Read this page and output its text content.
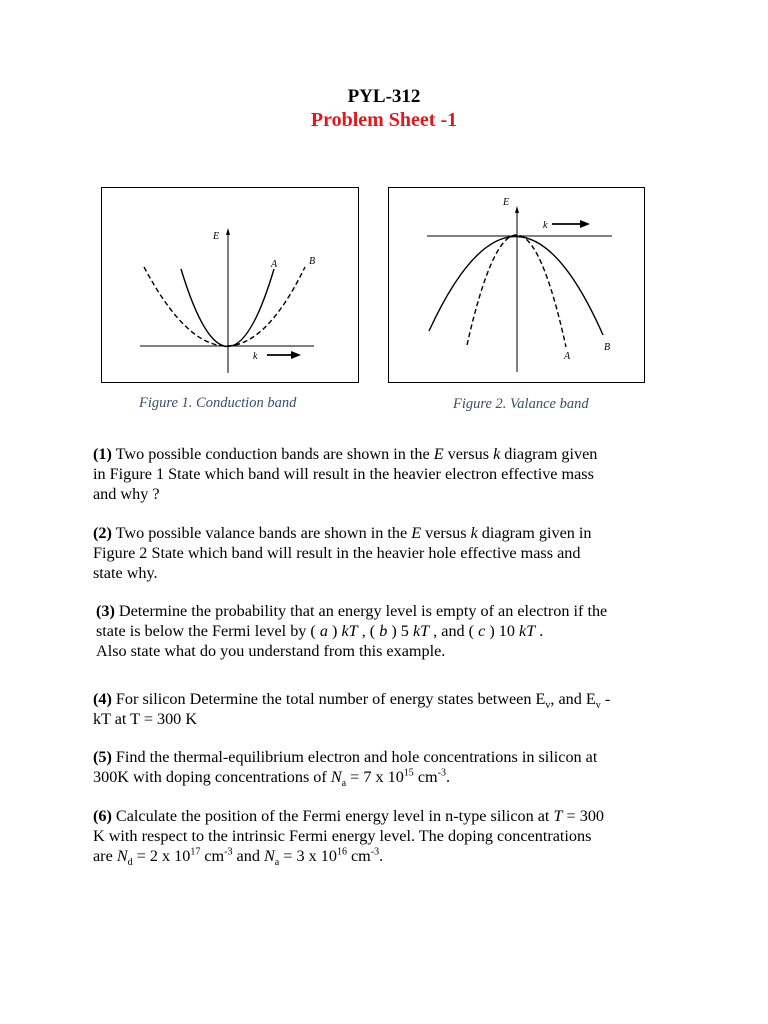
PYL-312
Problem Sheet -1
E
k
A	B
Figure 1. Conduction band
E
k
A
B
Figure 2. Valance band
(1) Two possible conduction bands are shown in the E versus k diagram given
in Figure 1 State which band will result in the heavier electron effective mass
and why ?
(2) Two possible valance bands are shown in the E versus k diagram given in
Figure 2 State which band will result in the heavier hole effective mass and
state why.
(3) Determine the probability that an energy level is empty of an electron if the
state is below the Fermi level by ( a ) kT , ( b ) 5 kT , and ( c ) 10 kT .
Also state what do you understand from this example.
(4) For silicon Determine the total number of energy states between $E_v$, and $E_v$ -
kT at T = 300 K
(5) Find the thermal-equilibrium electron and hole concentrations in silicon at
300K with doping concentrations of $N_a = 7$ x $10^{15}$ $cm^{-3}$.
(6) Calculate the position of the Fermi energy level in n-type silicon at T = 300
K with respect to the intrinsic Fermi energy level. The doping concentrations
are $N_d = 2$ x $10^{17}$ $cm^{-3}$ and $N_a = 3$ x $10^{16}$ $cm^{-3}$.
